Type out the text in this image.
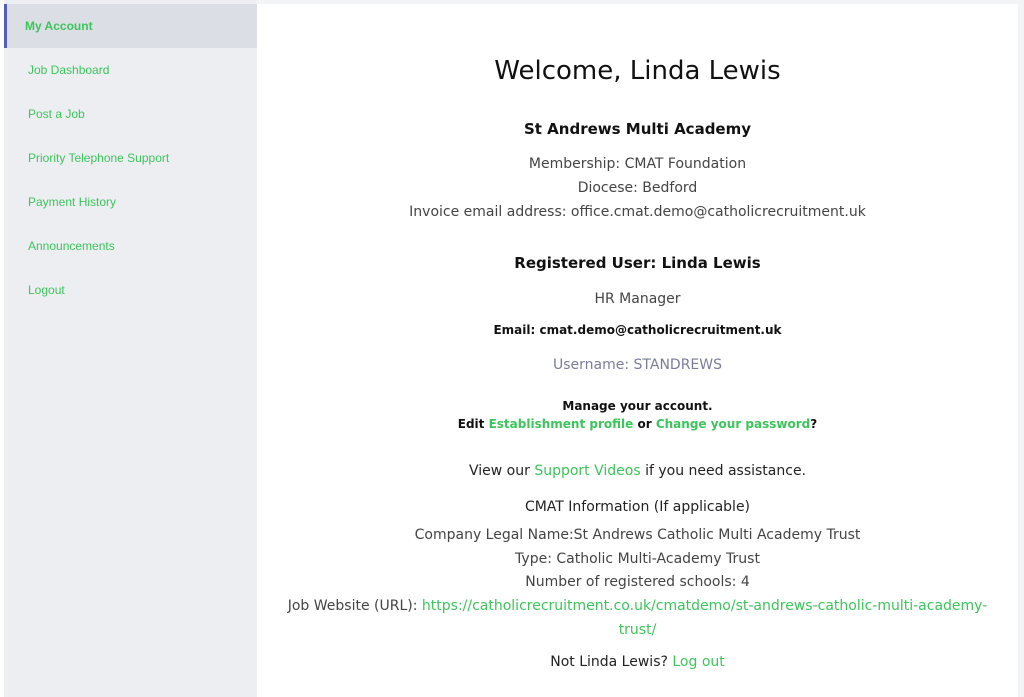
My Account
Job Dashboard
Post a Job
Priority Telephone Support
Payment History
Announcements
Logout
Welcome, Linda Lewis
St Andrews Multi Academy
Membership: CMAT Foundation
Diocese: Bedford
Invoice email address: office.cmat.demo@catholicrecruitment.uk
Registered User: Linda Lewis
HR Manager
Email: cmat.demo@catholicrecruitment.uk
Username: STANDREWS
Manage your account.
Edit Establishment profile or Change your password?
View our Support Videos if you need assistance.
CMAT Information (If applicable)
Company Legal Name:St Andrews Catholic Multi Academy Trust
Type: Catholic Multi-Academy Trust
Number of registered schools: 4
Job Website (URL): https://catholicrecruitment.co.uk/cmatdemo/st-andrews-catholic-multi-academy-
trust/
Not Linda Lewis? Log out
